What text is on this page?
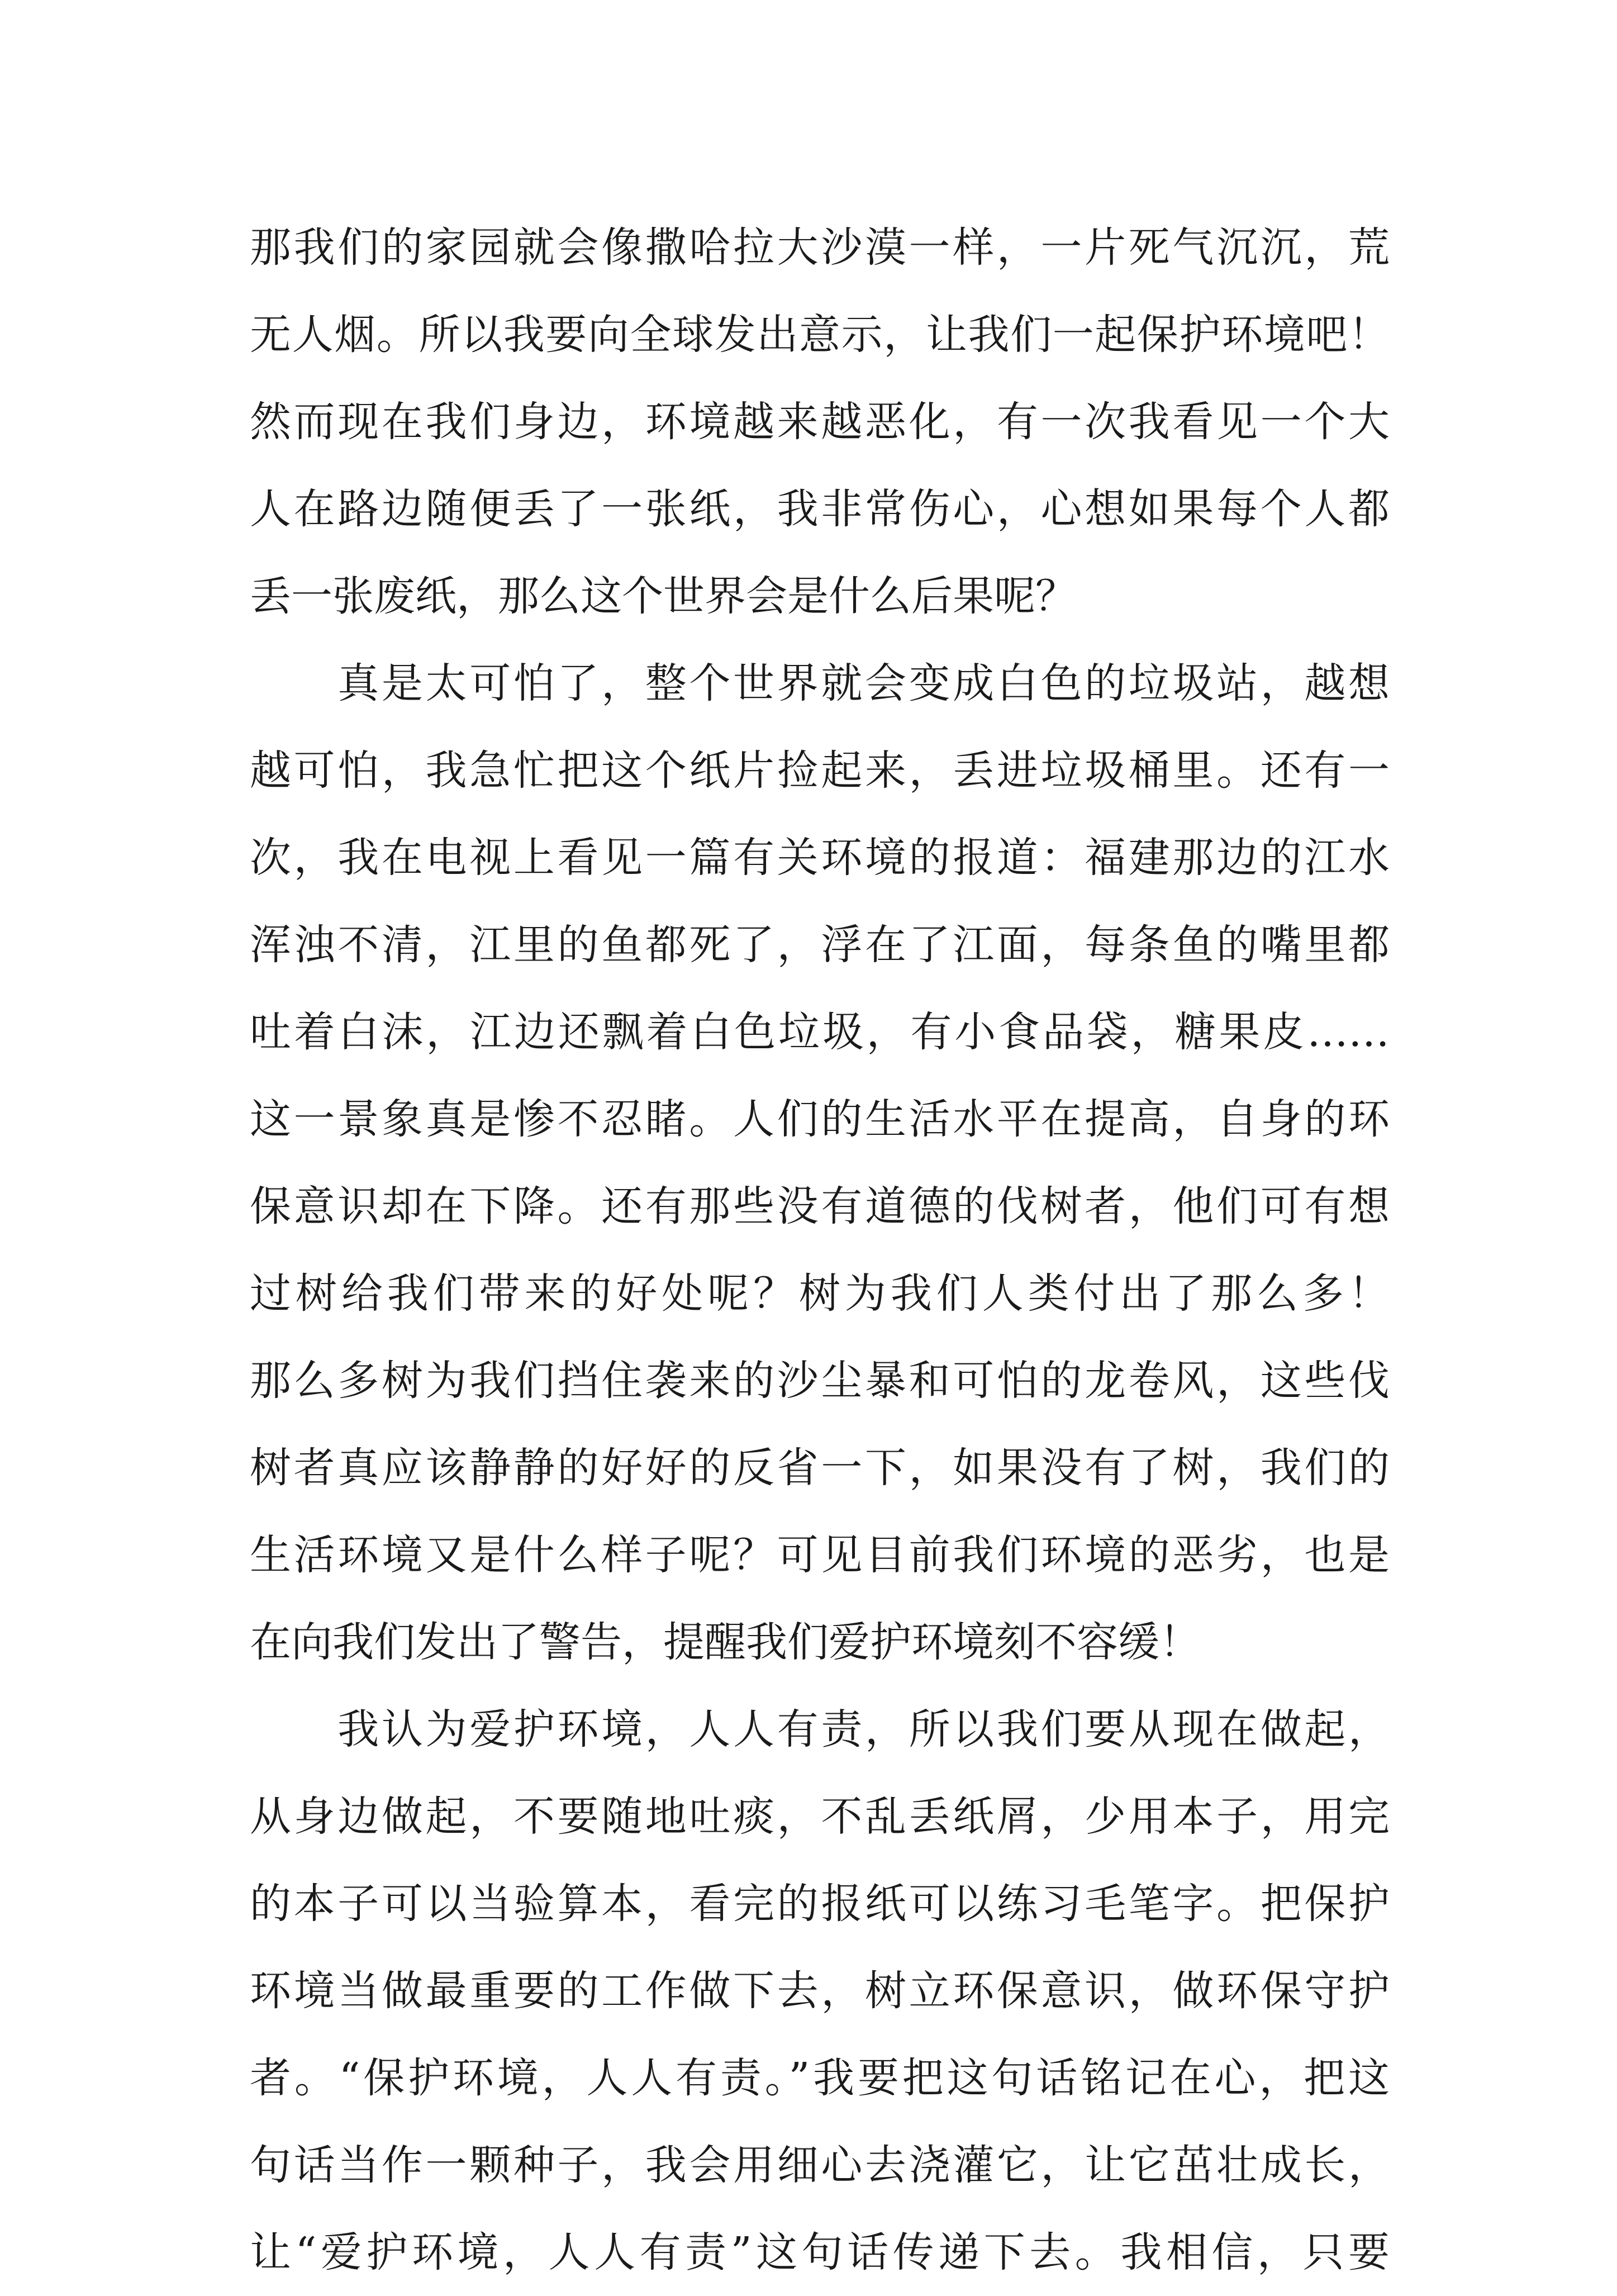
那我们的家园就会像撒哈拉大沙漠一样，一片死气沉沉，荒
无人烟。所以我要向全球发出意示，让我们一起保护环境吧！
然而现在我们身边，环境越来越恶化，有一次我看见一个大
人在路边随便丢了一张纸，我非常伤心，心想如果每个人都
丢一张废纸，那么这个世界会是什么后果呢？
　　真是太可怕了，整个世界就会变成白色的垃圾站，越想
越可怕，我急忙把这个纸片捡起来，丢进垃圾桶里。还有一
次，我在电视上看见一篇有关环境的报道：福建那边的江水
浑浊不清，江里的鱼都死了，浮在了江面，每条鱼的嘴里都
吐着白沫，江边还飘着白色垃圾，有小食品袋，糖果皮……
这一景象真是惨不忍睹。人们的生活水平在提高，自身的环
保意识却在下降。还有那些没有道德的伐树者，他们可有想
过树给我们带来的好处呢？树为我们人类付出了那么多！
那么多树为我们挡住袭来的沙尘暴和可怕的龙卷风，这些伐
树者真应该静静的好好的反省一下，如果没有了树，我们的
生活环境又是什么样子呢？可见目前我们环境的恶劣，也是
在向我们发出了警告，提醒我们爱护环境刻不容缓！
　　我认为爱护环境，人人有责，所以我们要从现在做起，
从身边做起，不要随地吐痰，不乱丢纸屑，少用本子，用完
的本子可以当验算本，看完的报纸可以练习毛笔字。把保护
环境当做最重要的工作做下去，树立环保意识，做环保守护
者。“保护环境，人人有责。”我要把这句话铭记在心，把这
句话当作一颗种子，我会用细心去浇灌它，让它茁壮成长，
让“爱护环境，人人有责”这句话传递下去。我相信，只要
